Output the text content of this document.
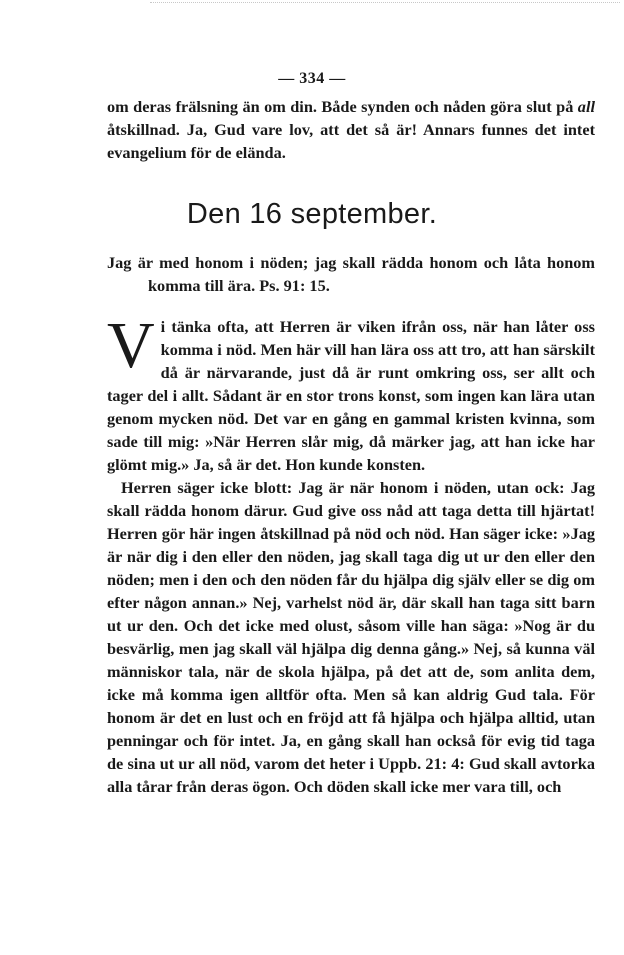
— 334 —

om deras frälsning än om din. Både synden och nåden göra slut på all åtskillnad. Ja, Gud vare lov, att det så är! Annars funnes det intet evangelium för de elända.

Den 16 september.

Jag är med honom i nöden; jag skall rädda honom och låta honom komma till ära. Ps. 91: 15.

Vi tänka ofta, att Herren är viken ifrån oss, när han låter oss komma i nöd. Men här vill han lära oss att tro, att han särskilt då är närvarande, just då är runt omkring oss, ser allt och tager del i allt. Sådant är en stor trons konst, som ingen kan lära utan genom mycken nöd. Det var en gång en gammal kristen kvinna, som sade till mig: »När Herren slår mig, då märker jag, att han icke har glömt mig.» Ja, så är det. Hon kunde konsten.

Herren säger icke blott: Jag är när honom i nöden, utan ock: Jag skall rädda honom därur. Gud give oss nåd att taga detta till hjärtat! Herren gör här ingen åtskillnad på nöd och nöd. Han säger icke: »Jag är när dig i den eller den nöden, jag skall taga dig ut ur den eller den nöden; men i den och den nöden får du hjälpa dig själv eller se dig om efter någon annan.» Nej, varhelst nöd är, där skall han taga sitt barn ut ur den. Och det icke med olust, såsom ville han säga: »Nog är du besvärlig, men jag skall väl hjälpa dig denna gång.» Nej, så kunna väl människor tala, när de skola hjälpa, på det att de, som anlita dem, icke må komma igen alltför ofta. Men så kan aldrig Gud tala. För honom är det en lust och en fröjd att få hjälpa och hjälpa alltid, utan penningar och för intet. Ja, en gång skall han också för evig tid taga de sina ut ur all nöd, varom det heter i Uppb. 21: 4: Gud skall avtorka alla tårar från deras ögon. Och döden skall icke mer vara till, och
